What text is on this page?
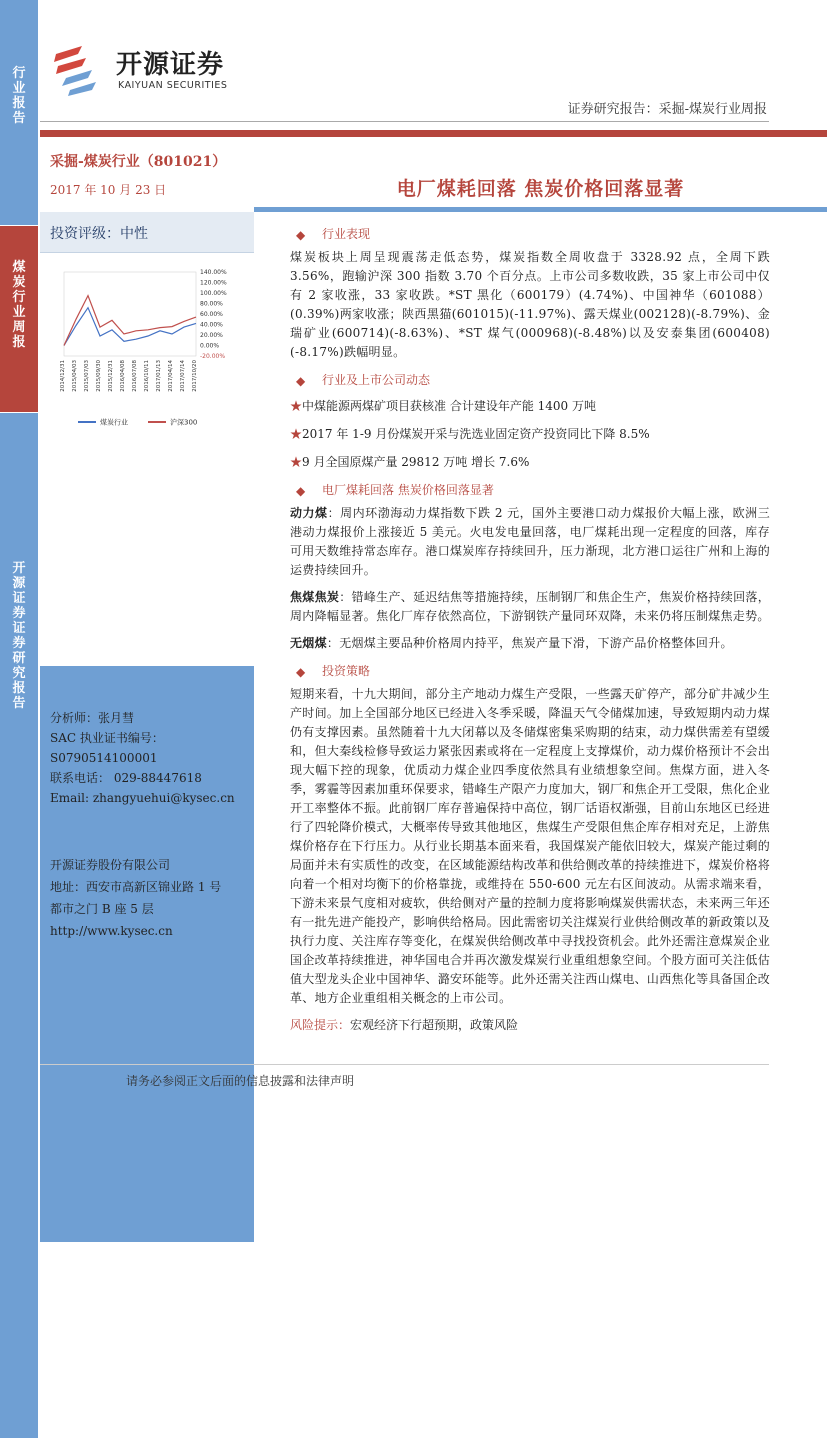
行业报告
煤炭行业周报
开源证券证券研究报告
开源证券
KAIYUAN SECURITIES
证券研究报告：采掘-煤炭行业周报
采掘-煤炭行业（801021）
2017 年 10 月 23 日	电厂煤耗回落 焦炭价格回落显著
投资评级：中性
140.00%
120.00%
100.00%
80.00%
60.00%
40.00%
20.00%
0.00%
-20.00%
2014/12/31 2015/04/03 2015/07/03 2015/09/30 2015/12/31 2016/04/08 2016/07/08 2016/10/11 2017/01/13 2017/04/14 2017/07/14 2017/10/20
煤炭行业	沪深300
分析师：张月彗
SAC 执业证书编号：
S0790514100001
联系电话： 029-88447618
Email: zhangyuehui@kysec.cn
开源证券股份有限公司
地址：西安市高新区锦业路 1 号
都市之门 B 座 5 层
http://www.kysec.cn
◆ 行业表现

煤炭板块上周呈现震荡走低态势，煤炭指数全周收盘于 3328.92 点，全周下跌 3.56%，跑输沪深 300 指数 3.70 个百分点。上市公司多数收跌，35 家上市公司中仅有 2 家收涨，33 家收跌。*ST 黑化（600179）(4.74%)、中国神华（601088）(0.39%)两家收涨；陕西黑猫(601015)(-11.97%)、露天煤业(002128)(-8.79%)、金瑞矿业(600714)(-8.63%)、*ST 煤气(000968)(-8.48%)以及安泰集团(600408)(-8.17%)跌幅明显。

◆ 行业及上市公司动态
★中煤能源两煤矿项目获核准 合计建设年产能 1400 万吨
★2017 年 1-9 月份煤炭开采与洗选业固定资产投资同比下降 8.5%
★9 月全国原煤产量 29812 万吨 增长 7.6%
◆ 电厂煤耗回落 焦炭价格回落显著

动力煤：周内环渤海动力煤指数下跌 2 元，国外主要港口动力煤报价大幅上涨，欧洲三港动力煤报价上涨接近 5 美元。火电发电量回落，电厂煤耗出现一定程度的回落，库存可用天数维持常态库存。港口煤炭库存持续回升，压力渐现，北方港口运往广州和上海的运费持续回升。

焦煤焦炭：错峰生产、延迟结焦等措施持续，压制钢厂和焦企生产，焦炭价格持续回落，周内降幅显著。焦化厂库存依然高位，下游钢铁产量同环双降，未来仍将压制煤焦走势。

无烟煤：无烟煤主要品种价格周内持平，焦炭产量下滑，下游产品价格整体回升。

◆ 投资策略

短期来看，十九大期间，部分主产地动力煤生产受限，一些露天矿停产，部分矿井减少生产时间。加上全国部分地区已经进入冬季采暖，降温天气令储煤加速，导致短期内动力煤仍有支撑因素。虽然随着十九大闭幕以及冬储煤密集采购期的结束，动力煤供需差有望缓和，但大秦线检修导致运力紧张因素或将在一定程度上支撑煤价，动力煤价格预计不会出现大幅下控的现象，优质动力煤企业四季度依然具有业绩想象空间。焦煤方面，进入冬季，雾霾等因素加重环保要求，错峰生产限产力度加大，钢厂和焦企开工受限，焦化企业开工率整体不振。此前钢厂库存普遍保持中高位，钢厂话语权渐强，目前山东地区已经进行了四轮降价模式，大概率传导致其他地区，焦煤生产受限但焦企库存相对充足，上游焦煤价格存在下行压力。从行业长期基本面来看，我国煤炭产能依旧较大，煤炭产能过剩的局面并未有实质性的改变，在区域能源结构改革和供给侧改革的持续推进下，煤炭价格将向着一个相对均衡下的价格靠拢，或维持在 550-600 元左右区间波动。从需求端来看，下游未来景气度相对疲软，供给侧对产量的控制力度将影响煤炭供需状态，未来两三年还有一批先进产能投产，影响供给格局。因此需密切关注煤炭行业供给侧改革的新政策以及执行力度、关注库存等变化，在煤炭供给侧改革中寻找投资机会。此外还需注意煤炭企业国企改革持续推进，神华国电合并再次激发煤炭行业重组想象空间。个股方面可关注低估值大型龙头企业中国神华、潞安环能等。此外还需关注西山煤电、山西焦化等具备国企改革、地方企业重组相关概念的上市公司。

风险提示：宏观经济下行超预期，政策风险
请务必参阅正文后面的信息披露和法律声明
